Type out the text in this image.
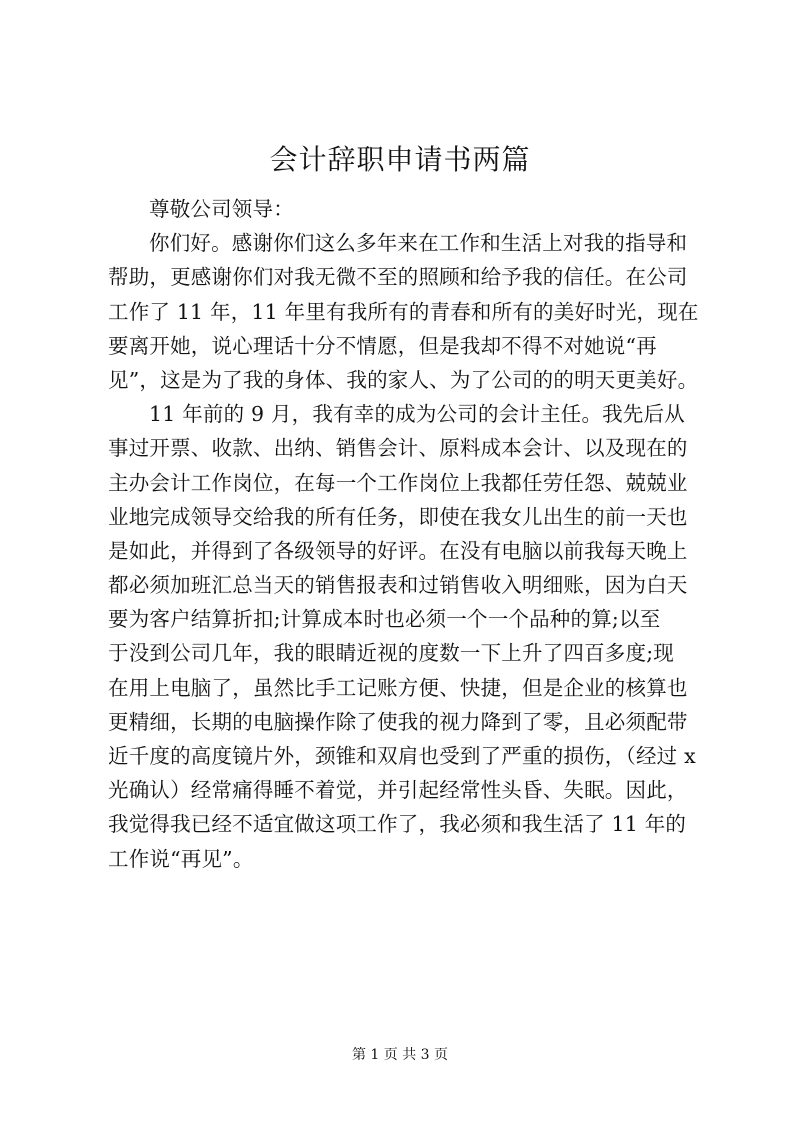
会计辞职申请书两篇
尊敬公司领导：
你们好。感谢你们这么多年来在工作和生活上对我的指导和
帮助，更感谢你们对我无微不至的照顾和给予我的信任。在公司
工作了 11 年，11 年里有我所有的青春和所有的美好时光，现在
要离开她，说心理话十分不情愿，但是我却不得不对她说“再
见”，这是为了我的身体、我的家人、为了公司的的明天更美好。
11 年前的 9 月，我有幸的成为公司的会计主任。我先后从
事过开票、收款、出纳、销售会计、原料成本会计、以及现在的
主办会计工作岗位，在每一个工作岗位上我都任劳任怨、兢兢业
业地完成领导交给我的所有任务，即使在我女儿出生的前一天也
是如此，并得到了各级领导的好评。在没有电脑以前我每天晚上
都必须加班汇总当天的销售报表和过销售收入明细账，因为白天
要为客户结算折扣;计算成本时也必须一个一个品种的算;以至
于没到公司几年，我的眼睛近视的度数一下上升了四百多度;现
在用上电脑了，虽然比手工记账方便、快捷，但是企业的核算也
更精细，长期的电脑操作除了使我的视力降到了零，且必须配带
近千度的高度镜片外，颈锥和双肩也受到了严重的损伤，（经过 x
光确认）经常痛得睡不着觉，并引起经常性头昏、失眠。因此，
我觉得我已经不适宜做这项工作了，我必须和我生活了 11 年的
工作说“再见”。
第 1 页 共 3 页
